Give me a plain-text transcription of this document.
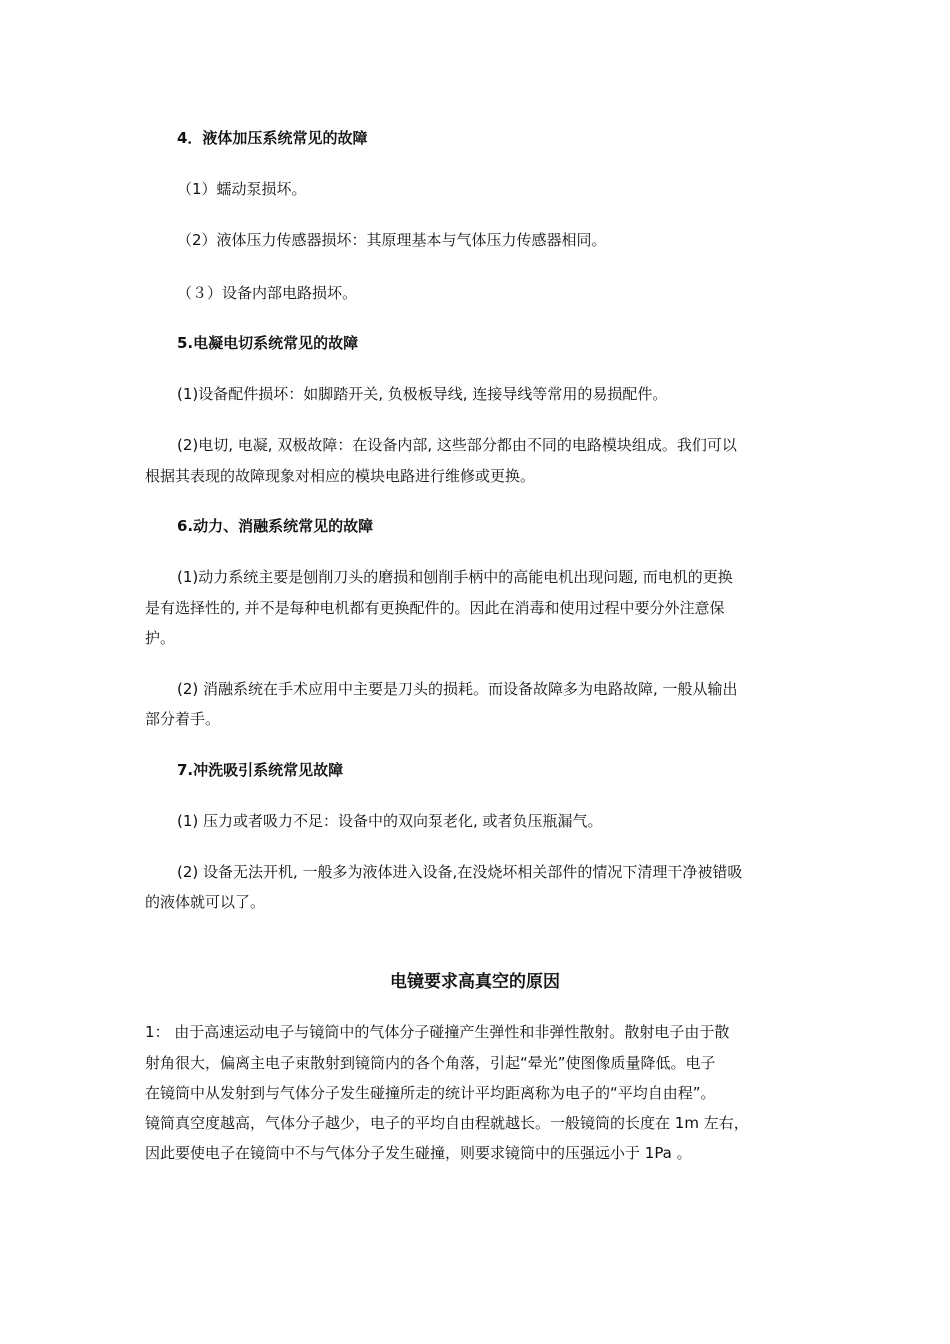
4．液体加压系统常见的故障
（1）蠕动泵损坏。
（2）液体压力传感器损坏：其原理基本与气体压力传感器相同。
（３）设备内部电路损坏。
5.电凝电切系统常见的故障
(1)设备配件损坏：如脚踏开关, 负极板导线, 连接导线等常用的易损配件。
(2)电切, 电凝, 双极故障：在设备内部, 这些部分都由不同的电路模块组成。我们可以
根据其表现的故障现象对相应的模块电路进行维修或更换。
6.动力、消融系统常见的故障
(1)动力系统主要是刨削刀头的磨损和刨削手柄中的高能电机出现问题, 而电机的更换
是有选择性的, 并不是每种电机都有更换配件的。因此在消毒和使用过程中要分外注意保
护。
(2) 消融系统在手术应用中主要是刀头的损耗。而设备故障多为电路故障, 一般从输出
部分着手。
7.冲洗吸引系统常见故障
(1) 压力或者吸力不足：设备中的双向泵老化, 或者负压瓶漏气。
(2) 设备无法开机, 一般多为液体进入设备,在没烧坏相关部件的情况下清理干净被错吸
的液体就可以了。
电镜要求高真空的原因
1： 由于高速运动电子与镜筒中的气体分子碰撞产生弹性和非弹性散射。散射电子由于散
射角很大，偏离主电子束散射到镜筒内的各个角落，引起“晕光”使图像质量降低。电子
在镜筒中从发射到与气体分子发生碰撞所走的统计平均距离称为电子的“平均自由程”。
镜简真空度越高，气体分子越少，电子的平均自由程就越长。一般镜筒的长度在 1m 左右，
因此要使电子在镜筒中不与气体分子发生碰撞，则要求镜筒中的压强远小于 1Pa 。
